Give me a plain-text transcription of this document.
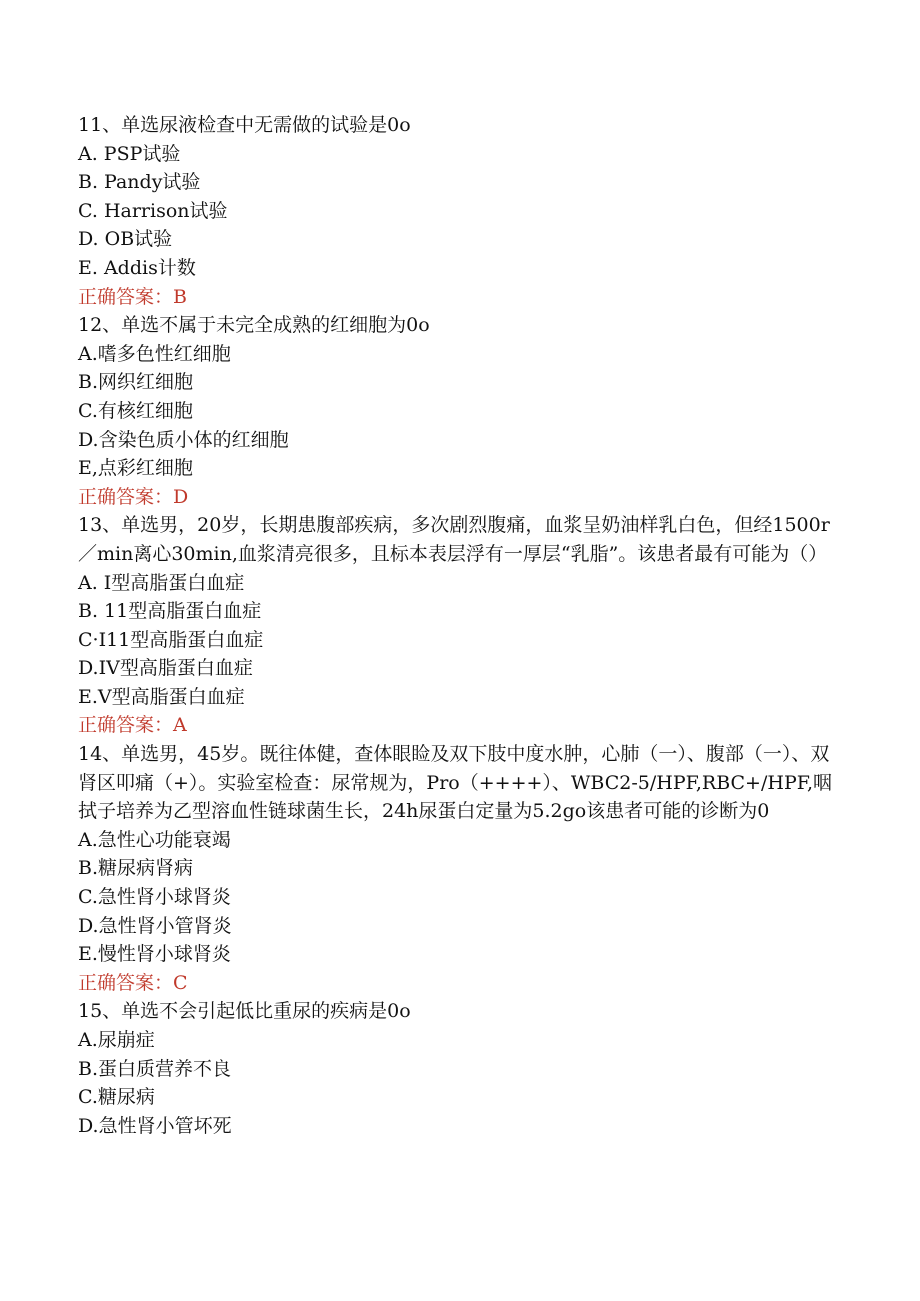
11、单选尿液检查中无需做的试验是0o
A. PSP试验
B. Pandy试验
C. Harrison试验
D. OB试验
E. Addis计数
正确答案：B
12、单选不属于未完全成熟的红细胞为0o
A.嗜多色性红细胞
B.网织红细胞
C.有核红细胞
D.含染色质小体的红细胞
E,点彩红细胞
正确答案：D
13、单选男，20岁，长期患腹部疾病，多次剧烈腹痛，血浆呈奶油样乳白色，但经1500r／min离心30min,血浆清亮很多，且标本表层浮有一厚层“乳脂”。该患者最有可能为（）
A. I型高脂蛋白血症
B. 11型高脂蛋白血症
C·I11型高脂蛋白血症
D.IV型高脂蛋白血症
E.V型高脂蛋白血症
正确答案：A
14、单选男，45岁。既往体健，查体眼睑及双下肢中度水肿，心肺（一）、腹部（一）、双肾区叩痛（+）。实验室检查：尿常规为，Pro（++++）、WBC2-5/HPF,RBC+/HPF,咽拭子培养为乙型溶血性链球菌生长，24h尿蛋白定量为5.2go该患者可能的诊断为0
A.急性心功能衰竭
B.糖尿病肾病
C.急性肾小球肾炎
D.急性肾小管肾炎
E.慢性肾小球肾炎
正确答案：C
15、单选不会引起低比重尿的疾病是0o
A.尿崩症
B.蛋白质营养不良
C.糖尿病
D.急性肾小管坏死
